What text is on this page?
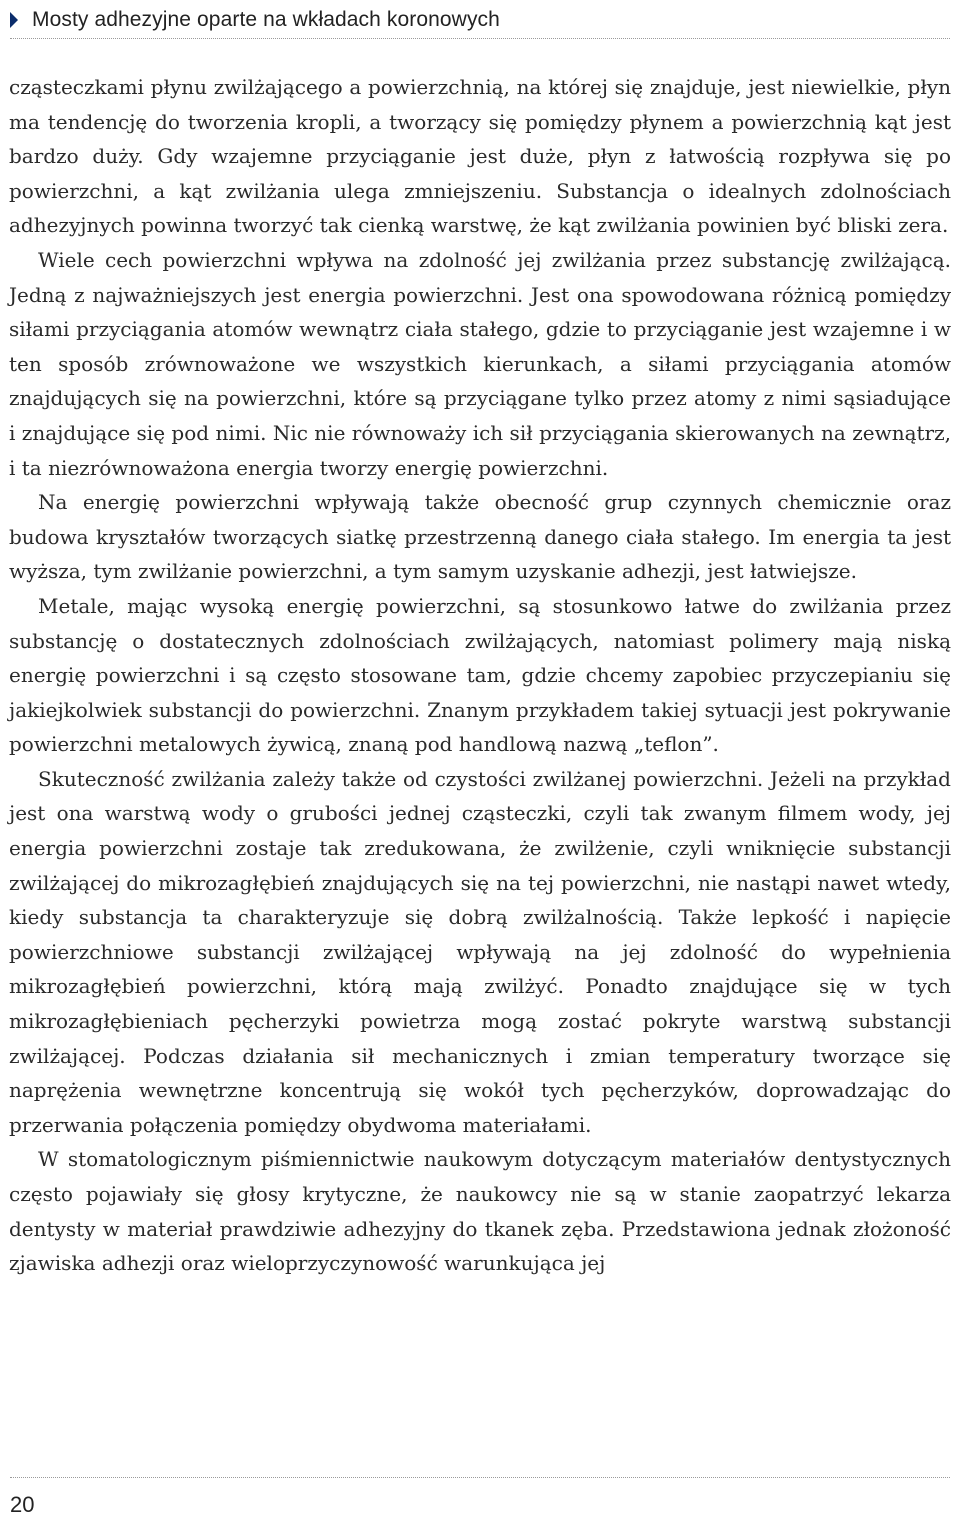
Mosty adhezyjne oparte na wkładach koronowych

cząsteczkami płynu zwilżającego a powierzchnią, na której się znajduje, jest niewielkie, płyn ma tendencję do tworzenia kropli, a tworzący się pomiędzy płynem a powierzchnią kąt jest bardzo duży. Gdy wzajemne przyciąganie jest duże, płyn z łatwością rozpływa się po powierzchni, a kąt zwilżania ulega zmniejszeniu. Substancja o idealnych zdolnościach adhezyjnych powinna tworzyć tak cienką warstwę, że kąt zwilżania powinien być bliski zera.

Wiele cech powierzchni wpływa na zdolność jej zwilżania przez substancję zwilżającą. Jedną z najważniejszych jest energia powierzchni. Jest ona spowodowana różnicą pomiędzy siłami przyciągania atomów wewnątrz ciała stałego, gdzie to przyciąganie jest wzajemne i w ten sposób zrównoważone we wszystkich kierunkach, a siłami przyciągania atomów znajdujących się na powierzchni, które są przyciągane tylko przez atomy z nimi sąsiadujące i znajdujące się pod nimi. Nic nie równoważy ich sił przyciągania skierowanych na zewnątrz, i ta niezrównoważona energia tworzy energię powierzchni.

Na energię powierzchni wpływają także obecność grup czynnych chemicznie oraz budowa kryształów tworzących siatkę przestrzenną danego ciała stałego. Im energia ta jest wyższa, tym zwilżanie powierzchni, a tym samym uzyskanie adhezji, jest łatwiejsze.

Metale, mając wysoką energię powierzchni, są stosunkowo łatwe do zwilżania przez substancję o dostatecznych zdolnościach zwilżających, natomiast polimery mają niską energię powierzchni i są często stosowane tam, gdzie chcemy zapobiec przyczepianiu się jakiejkolwiek substancji do powierzchni. Znanym przykładem takiej sytuacji jest pokrywanie powierzchni metalowych żywicą, znaną pod handlową nazwą „teflon”.

Skuteczność zwilżania zależy także od czystości zwilżanej powierzchni. Jeżeli na przykład jest ona warstwą wody o grubości jednej cząsteczki, czyli tak zwanym filmem wody, jej energia powierzchni zostaje tak zredukowana, że zwilżenie, czyli wniknięcie substancji zwilżającej do mikrozagłębień znajdujących się na tej powierzchni, nie nastąpi nawet wtedy, kiedy substancja ta charakteryzuje się dobrą zwilżalnością. Także lepkość i napięcie powierzchniowe substancji zwilżającej wpływają na jej zdolność do wypełnienia mikrozagłębień powierzchni, którą mają zwilżyć. Ponadto znajdujące się w tych mikrozagłębieniach pęcherzyki powietrza mogą zostać pokryte warstwą substancji zwilżającej. Podczas działania sił mechanicznych i zmian temperatury tworzące się naprężenia wewnętrzne koncentrują się wokół tych pęcherzyków, doprowadzając do przerwania połączenia pomiędzy obydwoma materiałami.

W stomatologicznym piśmiennictwie naukowym dotyczącym materiałów dentystycznych często pojawiały się głosy krytyczne, że naukowcy nie są w stanie zaopatrzyć lekarza dentysty w materiał prawdziwie adhezyjny do tkanek zęba. Przedstawiona jednak złożoność zjawiska adhezji oraz wieloprzyczynowość warunkująca jej

20
